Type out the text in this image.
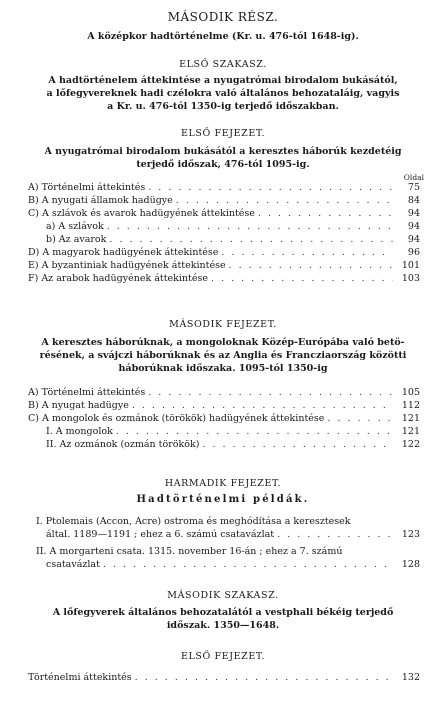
MÁSODIK RÉSZ.
A középkor hadtörténelme (Kr. u. 476-tól 1648-ig).
ELSŐ SZAKASZ.
A hadtörténelem áttekintése a nyugatrómai birodalom bukásától,
a lőfegyvereknek hadi czélokra való általános behozataláig, vagyis
a Kr. u. 476-tól 1350-ig terjedő időszakban.
ELSŐ FEJEZET.
A nyugatrómai birodalom bukásától a keresztes háborúk kezdetéig
terjedő időszak, 476-tól 1095-ig.
Oldal
A) Történelmi áttekintés . . .	75
B) A nyugati államok hadügye . . .	84
C) A szlávok és avarok hadügyének áttekintése . . .	94
a) A szlávok . . .	94
b) Az avarok . . .	94
D) A magyarok hadügyének áttekintése . . .	96
E) A byzantiniak hadügyének áttekintése . . .	101
F) Az arabok hadügyének áttekintése . . .	103
MÁSODIK FEJEZET.
A keresztes háborúknak, a mongoloknak Közép-Európába való betö-
résének, a svájczi háborúknak és az Anglia és Francziaország közötti
háborúknak időszaka. 1095-tól 1350-ig
A) Történelmi áttekintés . . .	105
B) A nyugat hadügye . . .	112
C) A mongolok és ozmánok (törökök) hadügyének áttekintése . . .	121
I. A mongolok . . .	121
II. Az ozmánok (ozmán törökök) . . .	122
HARMADIK FEJEZET.
Hadtörténelmi példák.
I. Ptolemais (Accon, Acre) ostroma és meghódítása a keresztesek
által. 1189—1191 ; ehez a 6. számú csatavázlat . . .	123
II. A morgarteni csata. 1315. november 16-án ; ehez a 7. számú
csatavázlat . . .	128
MÁSODIK SZAKASZ.
A lőfegyverek általános behozatalától a vestphali békéig terjedő
időszak. 1350—1648.
ELSŐ FEJEZET.
Történelmi áttekintés . . .	132
